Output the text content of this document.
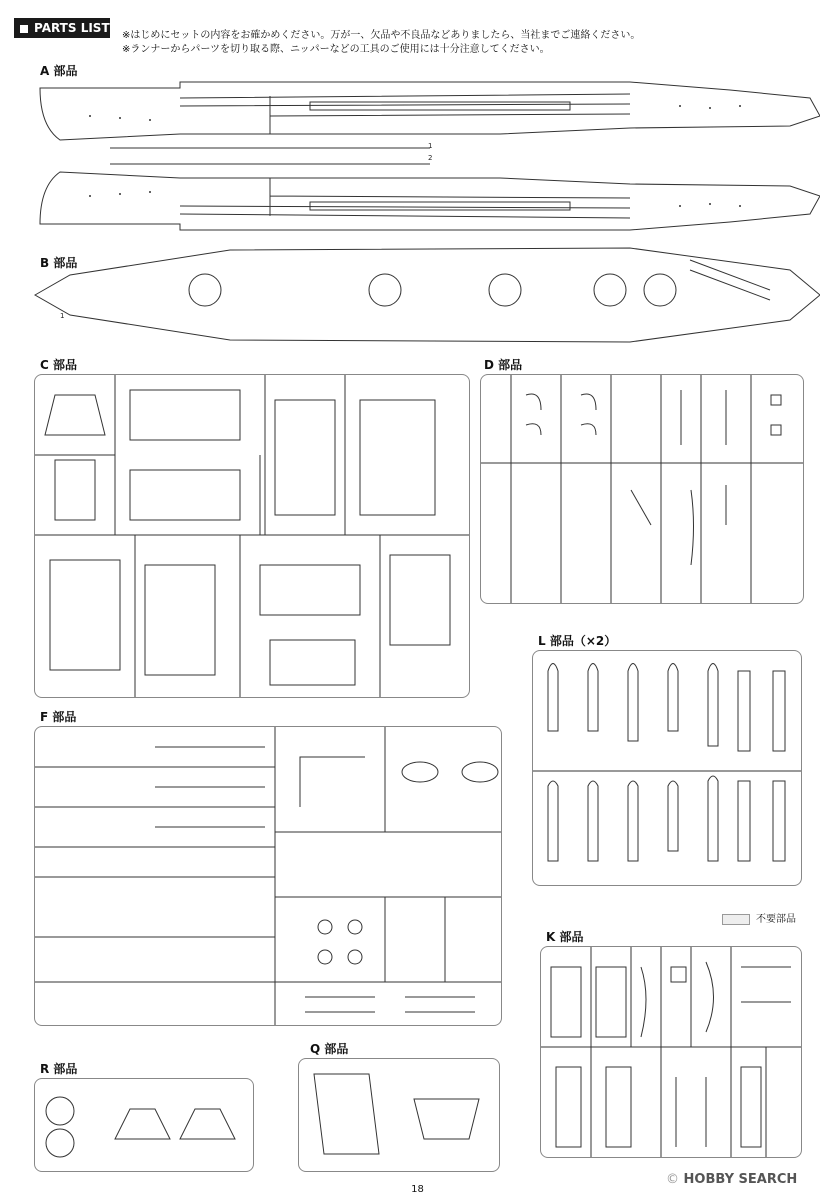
PARTS LIST
※はじめにセットの内容をお確かめください。万が一、欠品や不良品などありましたら、当社までご連絡ください。
※ランナーからパーツを切り取る際、ニッパーなどの工具のご使用には十分注意してください。
A 部品
1
2
B 部品
1
C 部品	D 部品
L 部品（×2）
F 部品
不要部品
K 部品
R 部品
Q 部品
18
© HOBBY SEARCH
